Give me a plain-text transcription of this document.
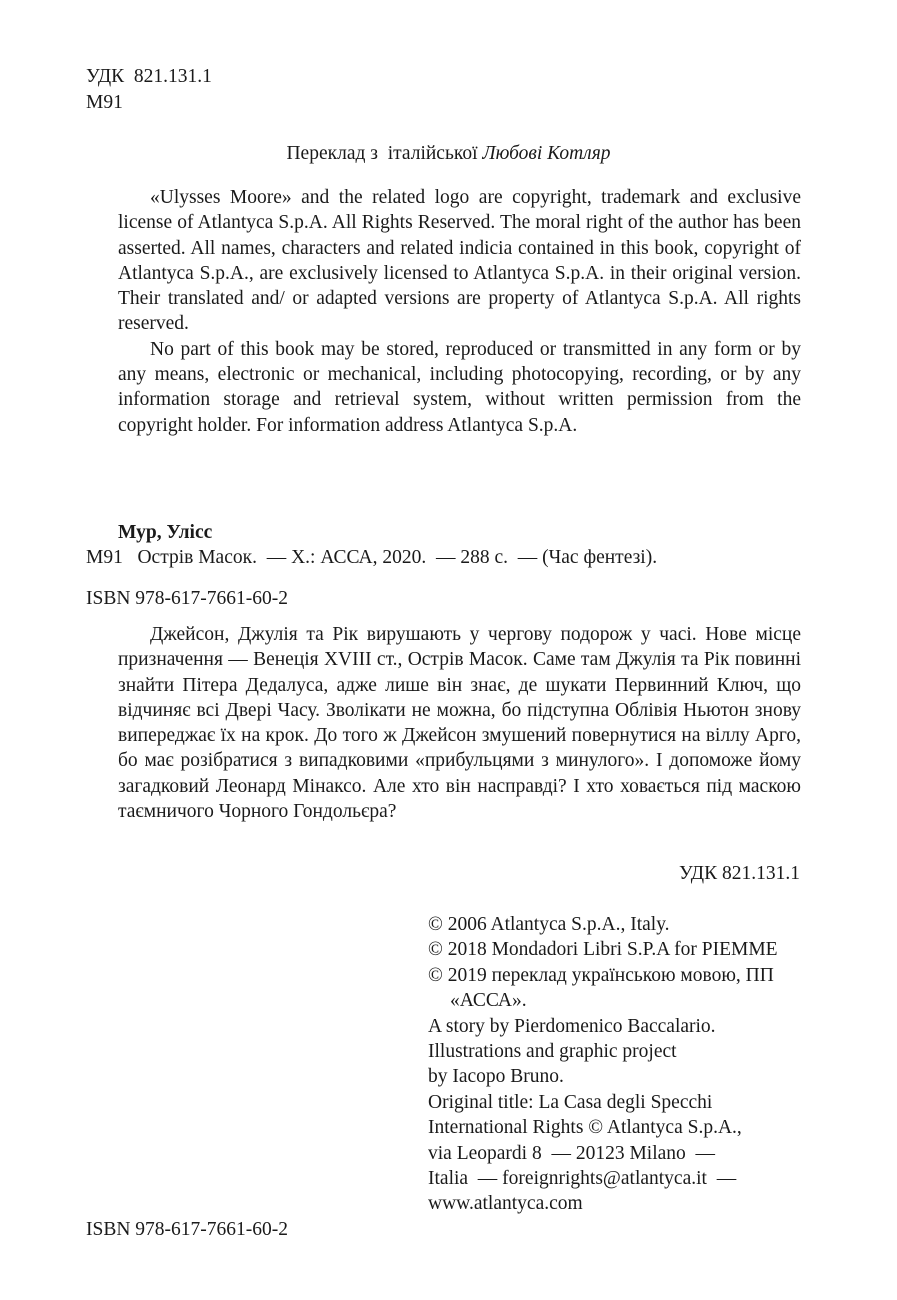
УДК  821.131.1
М91
Переклад з  італійської Любові Котляр

«Ulysses Moore» and the related logo are copyright, trademark and exclusive license of Atlantyca S.p.A. All Rights Reserved. The moral right of the author has been asserted. All names, characters and related indicia contained in this book, copyright of Atlantyca S.p.A., are exclusively licensed to Atlantyca S.p.A. in their original version. Their translated and/ or adapted versions are property of Atlantyca S.p.A. All rights reserved.

No part of this book may be stored, reproduced or transmitted in any form or by any means, electronic or mechanical, including photocopying, recording, or by any information storage and retrieval system, without written permission from the copyright holder. For information address Atlantyca S.p.A.

Мур, Улісс
М91   Острів Масок.  — Х.: АССА, 2020.  — 288 с.  — (Час фентезі).
ISBN 978-617-7661-60-2

Джейсон, Джулія та Рік вирушають у чергову подорож у часі. Нове місце призначення — Венеція XVIII ст., Острів Масок. Саме там Джулія та Рік повинні знайти Пітера Дедалуса, адже лише він знає, де шукати Первинний Ключ, що відчиняє всі Двері Часу. Зволікати не можна, бо підступна Облівія Ньютон знову випереджає їх на крок. До того ж Джейсон змушений повернутися на віллу Арго, бо має розібратися з випадковими «прибульцями з минулого». І допоможе йому загадковий Леонард Мінаксо. Але хто він насправді? І хто ховається під маскою таємничого Чорного Гондольєра?

УДК 821.131.1
© 2006 Atlantyca S.p.A., Italy.
© 2018 Mondadori Libri S.P.A for PIEMME
© 2019 переклад українською мовою, ПП «АССА».
A story by Pierdomenico Baccalario.
Illustrations and graphic project
by Iacopo Bruno.
Original title: La Casa degli Specchi
International Rights © Atlantyca S.p.A.,
via Leopardi 8  — 20123 Milano  —
Italia  — foreignrights@atlantyca.it  —
www.atlantyca.com
ISBN 978-617-7661-60-2
